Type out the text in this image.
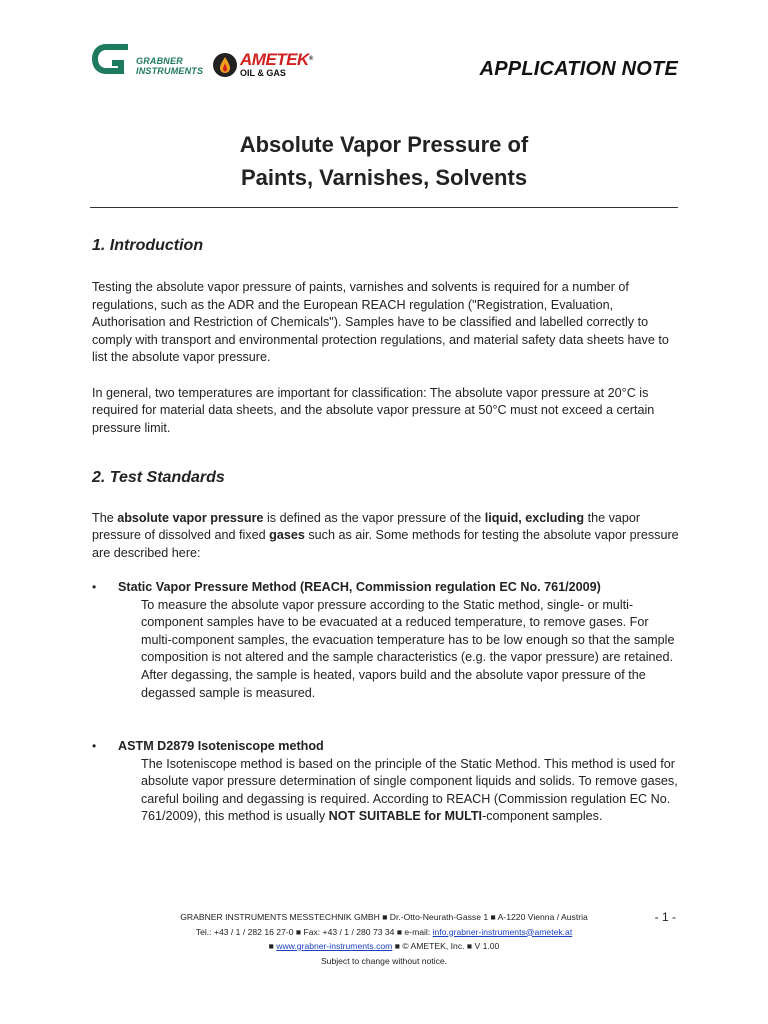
GRABNER
INSTRUMENTS
AMETEK®
OIL & GAS	APPLICATION NOTE
Absolute Vapor Pressure of
Paints, Varnishes, Solvents
1. Introduction

Testing the absolute vapor pressure of paints, varnishes and solvents is required for a number of regulations, such as the ADR and the European REACH regulation ("Registration, Evaluation, Authorisation and Restriction of Chemicals"). Samples have to be classified and labelled correctly to comply with transport and environmental protection regulations, and material safety data sheets have to list the absolute vapor pressure.

In general, two temperatures are important for classification: The absolute vapor pressure at 20°C is required for material data sheets, and the absolute vapor pressure at 50°C must not exceed a certain pressure limit.

2. Test Standards

The absolute vapor pressure is defined as the vapor pressure of the liquid, excluding the vapor pressure of dissolved and fixed gases such as air. Some methods for testing the absolute vapor pressure are described here:

• Static Vapor Pressure Method (REACH, Commission regulation EC No. 761/2009)
To measure the absolute vapor pressure according to the Static method, single- or multi-component samples have to be evacuated at a reduced temperature, to remove gases. For multi-component samples, the evacuation temperature has to be low enough so that the sample composition is not altered and the sample characteristics (e.g. the vapor pressure) are retained. After degassing, the sample is heated, vapors build and the absolute vapor pressure of the degassed sample is measured.
• ASTM D2879 Isoteniscope method
The Isoteniscope method is based on the principle of the Static Method. This method is used for absolute vapor pressure determination of single component liquids and solids. To remove gases, careful boiling and degassing is required. According to REACH (Commission regulation EC No. 761/2009), this method is usually NOT SUITABLE for MULTI-component samples.
GRABNER INSTRUMENTS MESSTECHNIK GMBH ■ Dr.-Otto-Neurath-Gasse 1 ■ A-1220 Vienna / Austria
Tel.: +43 / 1 / 282 16 27-0 ■ Fax: +43 / 1 / 280 73 34 ■ e-mail: info.grabner-instruments@ametek.at
■ www.grabner-instruments.com ■ © AMETEK, Inc. ■ V 1.00
Subject to change without notice.
- 1 -
